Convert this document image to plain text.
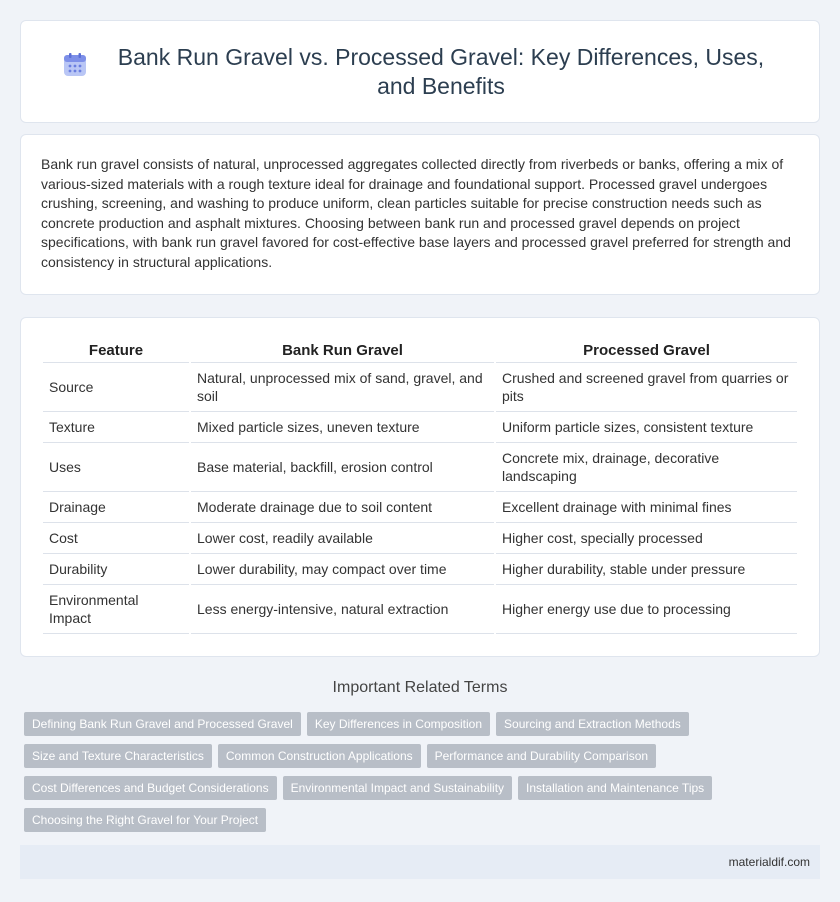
Bank Run Gravel vs. Processed Gravel: Key Differences, Uses, and Benefits

Bank run gravel consists of natural, unprocessed aggregates collected directly from riverbeds or banks, offering a mix of various-sized materials with a rough texture ideal for drainage and foundational support. Processed gravel undergoes crushing, screening, and washing to produce uniform, clean particles suitable for precise construction needs such as concrete production and asphalt mixtures. Choosing between bank run and processed gravel depends on project specifications, with bank run gravel favored for cost-effective base layers and processed gravel preferred for strength and consistency in structural applications.

Feature	Bank Run Gravel	Processed Gravel
Source	Natural, unprocessed mix of sand, gravel, and soil	Crushed and screened gravel from quarries or pits
Texture	Mixed particle sizes, uneven texture	Uniform particle sizes, consistent texture
Uses	Base material, backfill, erosion control	Concrete mix, drainage, decorative landscaping
Drainage	Moderate drainage due to soil content	Excellent drainage with minimal fines
Cost	Lower cost, readily available	Higher cost, specially processed
Durability	Lower durability, may compact over time	Higher durability, stable under pressure
Environmental Impact	Less energy-intensive, natural extraction	Higher energy use due to processing
Important Related Terms
Defining Bank Run Gravel and Processed Gravel	Key Differences in Composition	Sourcing and Extraction Methods
Size and Texture Characteristics	Common Construction Applications	Performance and Durability Comparison
Cost Differences and Budget Considerations	Environmental Impact and Sustainability	Installation and Maintenance Tips
Choosing the Right Gravel for Your Project
materialdif.com
